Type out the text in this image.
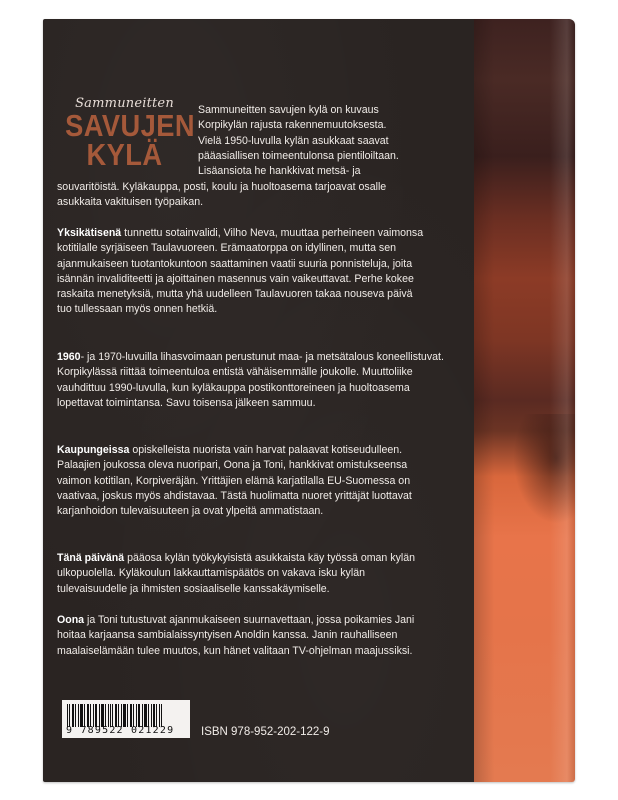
Sammuneitten
SAVUJEN
KYLÄ
Sammuneitten savujen kylä on kuvaus
Korpikylän rajusta rakennemuutoksesta.
Vielä 1950-luvulla kylän asukkaat saavat
pääasiallisen toimeentulonsa pientiloiltaan.
Lisäansiota he hankkivat metsä- ja
souvaritöistä. Kyläkauppa, posti, koulu ja huoltoasema tarjoavat osalle
asukkaita vakituisen työpaikan.

Yksikätisenä tunnettu sotainvalidi, Vilho Neva, muuttaa perheineen vaimonsa kotitilalle syrjäiseen Taulavuoreen. Erämaatorppa on idyllinen, mutta sen ajanmukaiseen tuotantokuntoon saattaminen vaatii suuria ponnisteluja, joita isännän invaliditeetti ja ajoittainen masennus vain vaikeuttavat. Perhe kokee raskaita menetyksiä, mutta yhä uudelleen Taulavuoren takaa nouseva päivä tuo tullessaan myös onnen hetkiä.

1960- ja 1970-luvuilla lihasvoimaan perustunut maa- ja metsätalous koneellistuvat. Korpikylässä riittää toimeentuloa entistä vähäisemmälle joukolle. Muuttoliike vauhdittuu 1990-luvulla, kun kyläkauppa postikonttoreineen ja huoltoasema lopettavat toimintansa. Savu toisensa jälkeen sammuu.

Kaupungeissa opiskelleista nuorista vain harvat palaavat kotiseudulleen. Palaajien joukossa oleva nuoripari, Oona ja Toni, hankkivat omistukseensa vaimon kotitilan, Korpiveräjän. Yrittäjien elämä karjatilalla EU-Suomessa on vaativaa, joskus myös ahdistavaa. Tästä huolimatta nuoret yrittäjät luottavat karjanhoidon tulevaisuuteen ja ovat ylpeitä ammatistaan.

Tänä päivänä pääosa kylän työkykyisistä asukkaista käy työssä oman kylän ulkopuolella. Kyläkoulun lakkauttamispäätös on vakava isku kylän tulevaisuudelle ja ihmisten sosiaaliselle kanssakäymiselle.

Oona ja Toni tutustuvat ajanmukaiseen suurnavettaan, jossa poikamies Jani hoitaa karjaansa sambialaissyntyisen Anoldin kanssa. Janin rauhalliseen maalaiselämään tulee muutos, kun hänet valitaan TV-ohjelman maajussiksi.

9 789522 021229	ISBN 978-952-202-122-9
